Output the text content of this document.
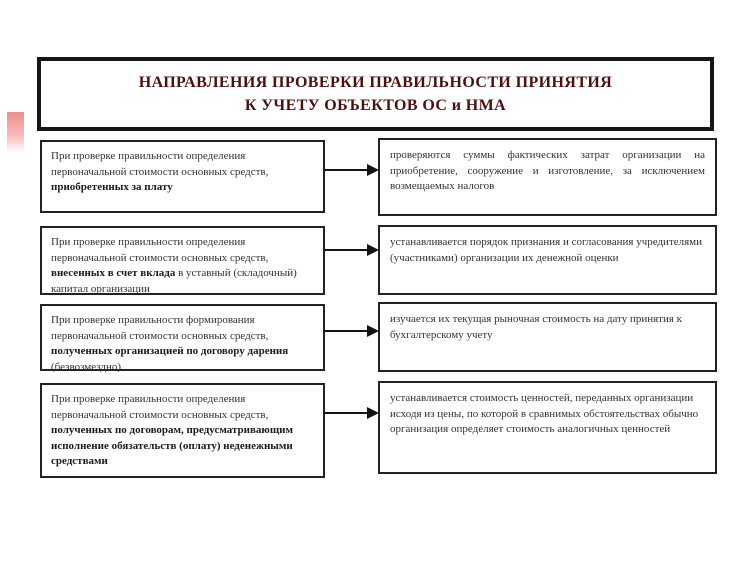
НАПРАВЛЕНИЯ ПРОВЕРКИ ПРАВИЛЬНОСТИ ПРИНЯТИЯ
К УЧЕТУ ОБЪЕКТОВ ОС и НМА
При проверке правильности определения первоначальной стоимости основных средств, приобретенных за плату
проверяются суммы фактических затрат организации на приобретение, сооружение и изготовление, за исключением возмещаемых налогов
При проверке правильности определения первоначальной стоимости основных средств, внесенных в счет вклада в уставный (складочный) капитал организации
устанавливается порядок признания и согласования учредителями (участниками) организации их денежной оценки
При проверке правильности формирования первоначальной стоимости основных средств, полученных организацией по договору дарения (безвозмездно)
изучается их текущая рыночная стоимость на дату принятия к бухгалтерскому учету
При проверке правильности определения первоначальной стоимости основных средств, полученных по договорам, предусматривающим исполнение обязательств (оплату) неденежными средствами
устанавливается стоимость ценностей, переданных организации исходя из цены, по которой в сравнимых обстоятельствах обычно организация определяет стоимость аналогичных ценностей
